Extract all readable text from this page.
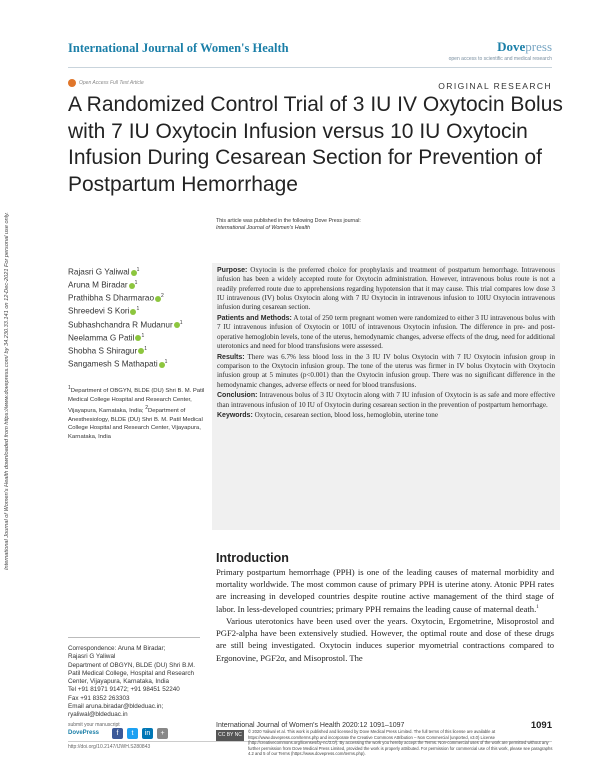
International Journal of Women's Health	Dovepress
open access to scientific and medical research
Open Access Full Text Article	ORIGINAL RESEARCH
A Randomized Control Trial of 3 IU IV Oxytocin Bolus with 7 IU Oxytocin Infusion versus 10 IU Oxytocin Infusion During Cesarean Section for Prevention of Postpartum Hemorrhage
International Journal of Women's Health downloaded from https://www.dovepress.com/ by 34.230.33.141 on 12-Dec-2021 For personal use only.	This article was published in the following Dove Press journal:
International Journal of Women's Health
Rajasri G Yaliwal $^1$
Aruna M Biradar $^1$
Prathibha S Dharmarao $^2$
Shreedevi S Kori $^1$
Subhashchandra R Mudanur $^1$
Neelamma G Patil $^1$
Shobha S Shiragur $^1$
Sangamesh S Mathapati $^1$
$^1$Department of OBGYN, BLDE (DU) Shri B. M. Patil Medical College Hospital and Research Center, Vijayapura, Karnataka, India; $^2$Department of Anesthesiology, BLDE (DU) Shri B. M. Patil Medical College Hospital and Research Center, Vijayapura, Karnataka, India

Purpose: Oxytocin is the preferred choice for prophylaxis and treatment of postpartum hemorrhage. Intravenous infusion has been a widely accepted route for Oxytocin administration. However, intravenous bolus route is not a readily preferred route due to apprehensions regarding hypotension that it may cause. This trial compares low dose 3 IU intravenous (IV) bolus Oxytocin along with 7 IU Oxytocin in intravenous infusion to 10IU Oxytocin intravenous infusion during cesarean section.

Patients and Methods: A total of 250 term pregnant women were randomized to either 3 IU intravenous bolus with 7 IU intravenous infusion of Oxytocin or 10IU of intravenous Oxytocin infusion. The difference in pre- and post-operative hemoglobin levels, tone of the uterus, hemodynamic changes, adverse effects of the drug, need for additional uterotonics and need for blood transfusions were assessed.

Results: There was 6.7% less blood loss in the 3 IU IV bolus Oxytocin with 7 IU Oxytocin infusion group in comparison to the Oxytocin infusion group. The tone of the uterus was firmer in IV bolus Oxytocin with Oxytocin infusion group at 5 minutes (p<0.001) than the Oxytocin infusion group. There was no significant difference in the hemodynamic changes, adverse effects or need for blood transfusions.

Conclusion: Intravenous bolus of 3 IU Oxytocin along with 7 IU infusion of Oxytocin is as safe and more effective than intravenous infusion of 10 IU of Oxytocin during cesarean section in the prevention of postpartum hemorrhage.

Keywords: Oxytocin, cesarean section, blood loss, hemoglobin, uterine tone

Introduction

Primary postpartum hemorrhage (PPH) is one of the leading causes of maternal morbidity and mortality worldwide. The most common cause of primary PPH is uterine atony. Atonic PPH rates are increasing in developed countries despite routine active management of the third stage of labor. In less-developed countries; primary PPH remains the leading cause of maternal death.$^1$

Various uterotonics have been used over the years. Oxytocin, Ergometrine, Misoprostol and PGF2-alpha have been extensively studied. However, the optimal route and dose of these drugs are still being investigated. Oxytocin induces superior myometrial contractions compared to Ergonovine, PGF2α, and Misoprostol. The

Correspondence: Aruna M Biradar;
Rajasri G Yaliwal
Department of OBGYN, BLDE (DU) Shri B.M. Patil Medical College, Hospital and Research Center, Vijayapura, Karnataka, India
Tel +91 81971 91472; +91 98451 52240
Fax +91 8352 263303
Email aruna.biradar@bldeduac.in; ryaliwal@bldeduac.in
submit your manuscript	International Journal of Women's Health 2020:12 1091–1097	1091
DovePress	f	t	in	+
http://doi.org/10.2147/IJWH.S280843
CC BY NC
© 2020 Yaliwal et al. This work is published and licensed by Dove Medical Press Limited. The full terms of this license are available at https://www.dovepress.com/terms.php and incorporate the Creative Commons Attribution – Non Commercial (unported, v3.0) License (http://creativecommons.org/licenses/by-nc/3.0/). By accessing the work you hereby accept the Terms. Non-commercial uses of the work are permitted without any further permission from Dove Medical Press Limited, provided the work is properly attributed. For permission for commercial use of this work, please see paragraphs 4.2 and 5 of our Terms (https://www.dovepress.com/terms.php).
